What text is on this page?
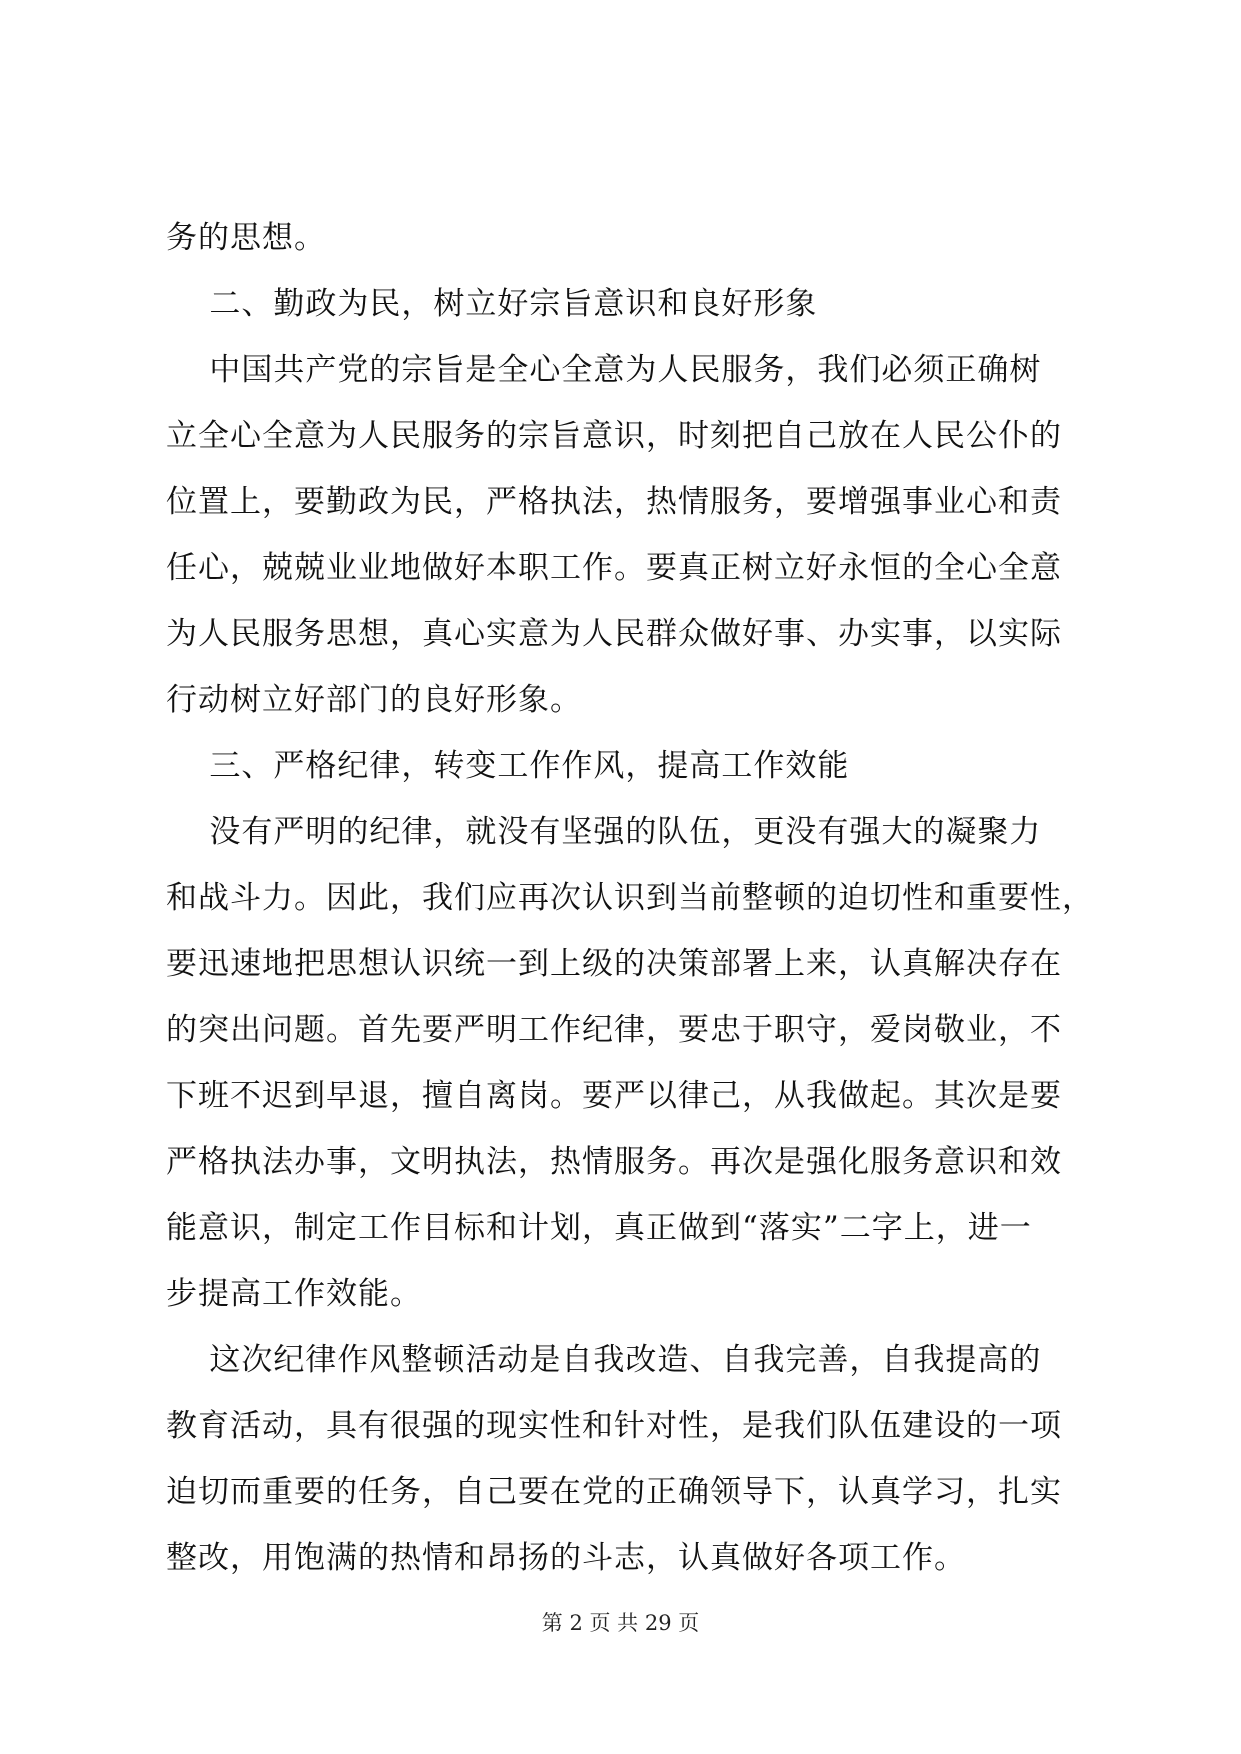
务的思想。
二、勤政为民，树立好宗旨意识和良好形象
中国共产党的宗旨是全心全意为人民服务，我们必须正确树
立全心全意为人民服务的宗旨意识，时刻把自己放在人民公仆的
位置上，要勤政为民，严格执法，热情服务，要增强事业心和责
任心，兢兢业业地做好本职工作。要真正树立好永恒的全心全意
为人民服务思想，真心实意为人民群众做好事、办实事，以实际
行动树立好部门的良好形象。
三、严格纪律，转变工作作风，提高工作效能
没有严明的纪律，就没有坚强的队伍，更没有强大的凝聚力
和战斗力。因此，我们应再次认识到当前整顿的迫切性和重要性，
要迅速地把思想认识统一到上级的决策部署上来，认真解决存在
的突出问题。首先要严明工作纪律，要忠于职守，爱岗敬业，不
下班不迟到早退，擅自离岗。要严以律己，从我做起。其次是要
严格执法办事，文明执法，热情服务。再次是强化服务意识和效
能意识，制定工作目标和计划，真正做到“落实”二字上，进一
步提高工作效能。
这次纪律作风整顿活动是自我改造、自我完善，自我提高的
教育活动，具有很强的现实性和针对性，是我们队伍建设的一项
迫切而重要的任务，自己要在党的正确领导下，认真学习，扎实
整改，用饱满的热情和昂扬的斗志，认真做好各项工作。
第 2 页 共 29 页
